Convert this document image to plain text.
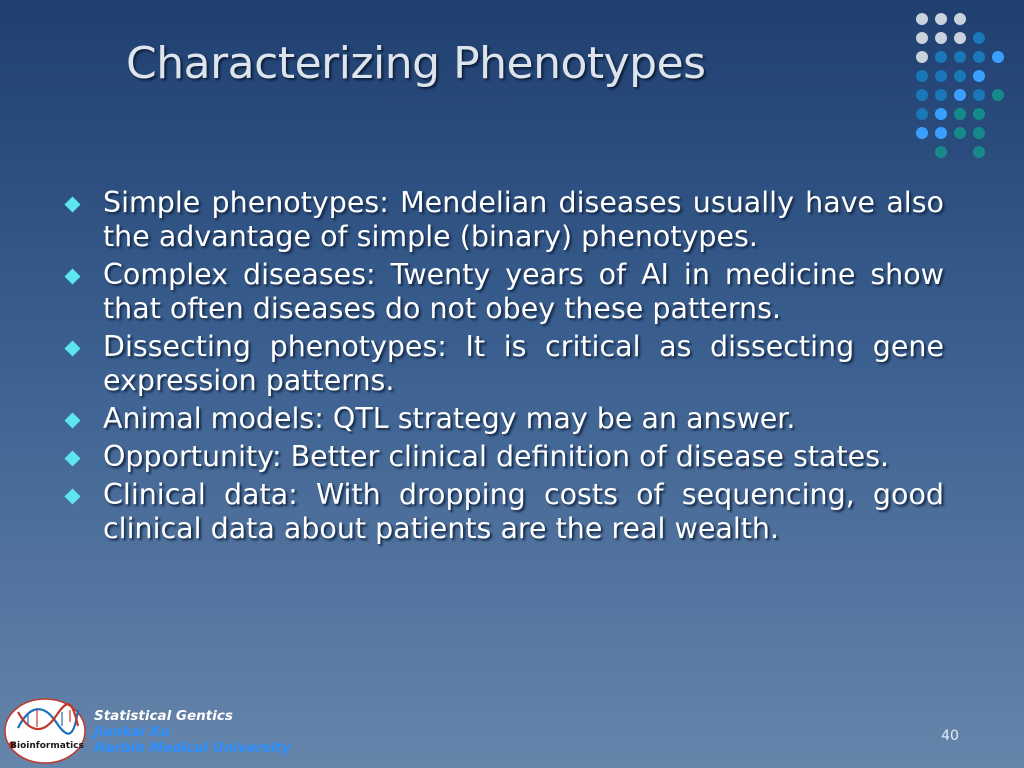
Characterizing Phenotypes
Simple phenotypes: Mendelian diseases usually have also the advantage of simple (binary) phenotypes.
Complex diseases: Twenty years of AI in medicine show that often diseases do not obey these patterns.
Dissecting phenotypes: It is critical as dissecting gene expression patterns.
Animal models: QTL strategy may be an answer.
Opportunity: Better clinical definition of disease states.
Clinical data: With dropping costs of sequencing, good clinical data about patients are the real wealth.
Bioinformatics
Statistical Gentics
Jiankai Xu
Harbin Medical University
40
